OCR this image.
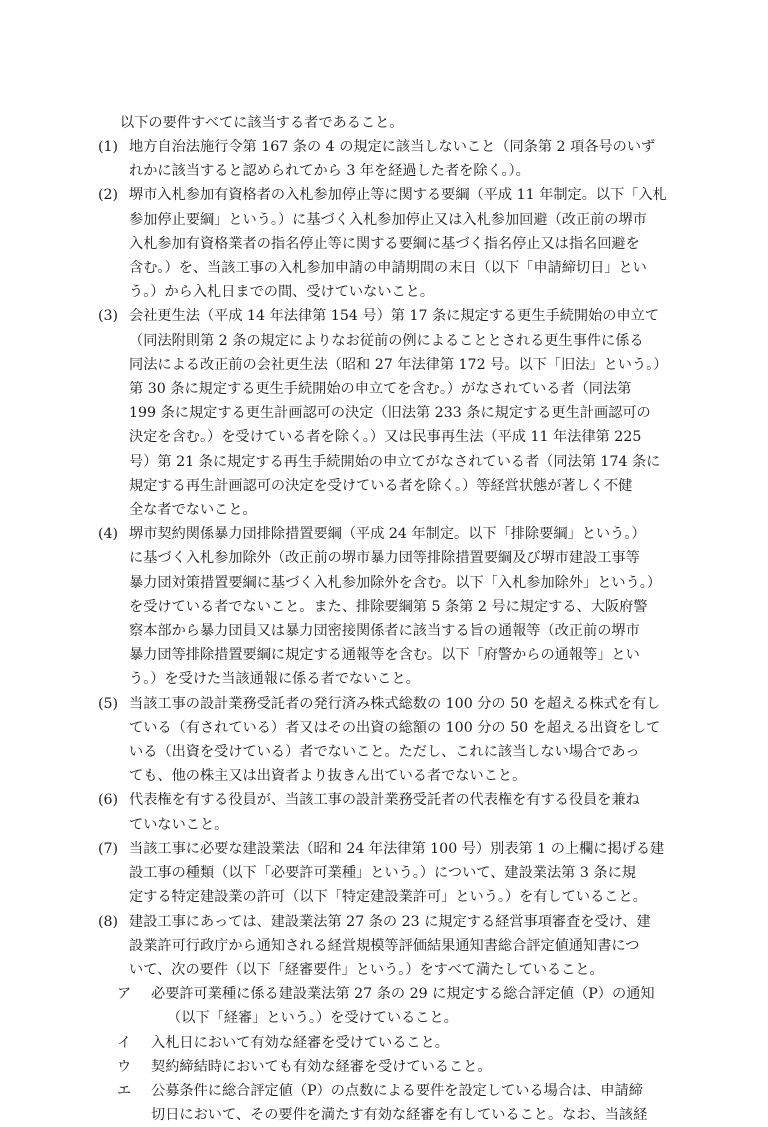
以下の要件すべてに該当する者であること。
(1) 地方自治法施行令第 167 条の 4 の規定に該当しないこと（同条第 2 項各号のいず
れかに該当すると認められてから 3 年を経過した者を除く。）。
(2) 堺市入札参加有資格者の入札参加停止等に関する要綱（平成 11 年制定。以下「入札
参加停止要綱」という。）に基づく入札参加停止又は入札参加回避（改正前の堺市
入札参加有資格業者の指名停止等に関する要綱に基づく指名停止又は指名回避を
含む。）を、当該工事の入札参加申請の申請期間の末日（以下「申請締切日」とい
う。）から入札日までの間、受けていないこと。
(3) 会社更生法（平成 14 年法律第 154 号）第 17 条に規定する更生手続開始の申立て
（同法附則第 2 条の規定によりなお従前の例によることとされる更生事件に係る
同法による改正前の会社更生法（昭和 27 年法律第 172 号。以下「旧法」という。）
第 30 条に規定する更生手続開始の申立てを含む。）がなされている者（同法第
199 条に規定する更生計画認可の決定（旧法第 233 条に規定する更生計画認可の
決定を含む。）を受けている者を除く。）又は民事再生法（平成 11 年法律第 225
号）第 21 条に規定する再生手続開始の申立てがなされている者（同法第 174 条に
規定する再生計画認可の決定を受けている者を除く。）等経営状態が著しく不健
全な者でないこと。
(4) 堺市契約関係暴力団排除措置要綱（平成 24 年制定。以下「排除要綱」という。）
に基づく入札参加除外（改正前の堺市暴力団等排除措置要綱及び堺市建設工事等
暴力団対策措置要綱に基づく入札参加除外を含む。以下「入札参加除外」という。）
を受けている者でないこと。また、排除要綱第 5 条第 2 号に規定する、大阪府警
察本部から暴力団員又は暴力団密接関係者に該当する旨の通報等（改正前の堺市
暴力団等排除措置要綱に規定する通報等を含む。以下「府警からの通報等」とい
う。）を受けた当該通報に係る者でないこと。
(5) 当該工事の設計業務受託者の発行済み株式総数の 100 分の 50 を超える株式を有し
ている（有されている）者又はその出資の総額の 100 分の 50 を超える出資をして
いる（出資を受けている）者でないこと。ただし、これに該当しない場合であっ
ても、他の株主又は出資者より抜きん出ている者でないこと。
(6) 代表権を有する役員が、当該工事の設計業務受託者の代表権を有する役員を兼ね
ていないこと。
(7) 当該工事に必要な建設業法（昭和 24 年法律第 100 号）別表第 1 の上欄に掲げる建
設工事の種類（以下「必要許可業種」という。）について、建設業法第 3 条に規
定する特定建設業の許可（以下「特定建設業許可」という。）を有していること。
(8) 建設工事にあっては、建設業法第 27 条の 23 に規定する経営事項審査を受け、建
設業許可行政庁から通知される経営規模等評価結果通知書総合評定値通知書につ
いて、次の要件（以下「経審要件」という。）をすべて満たしていること。
ア 必要許可業種に係る建設業法第 27 条の 29 に規定する総合評定値（P）の通知
（以下「経審」という。）を受けていること。
イ 入札日において有効な経審を受けていること。
ウ 契約締結時においても有効な経審を受けていること。
エ 公募条件に総合評定値（P）の点数による要件を設定している場合は、申請締
切日において、その要件を満たす有効な経審を有していること。なお、当該経
